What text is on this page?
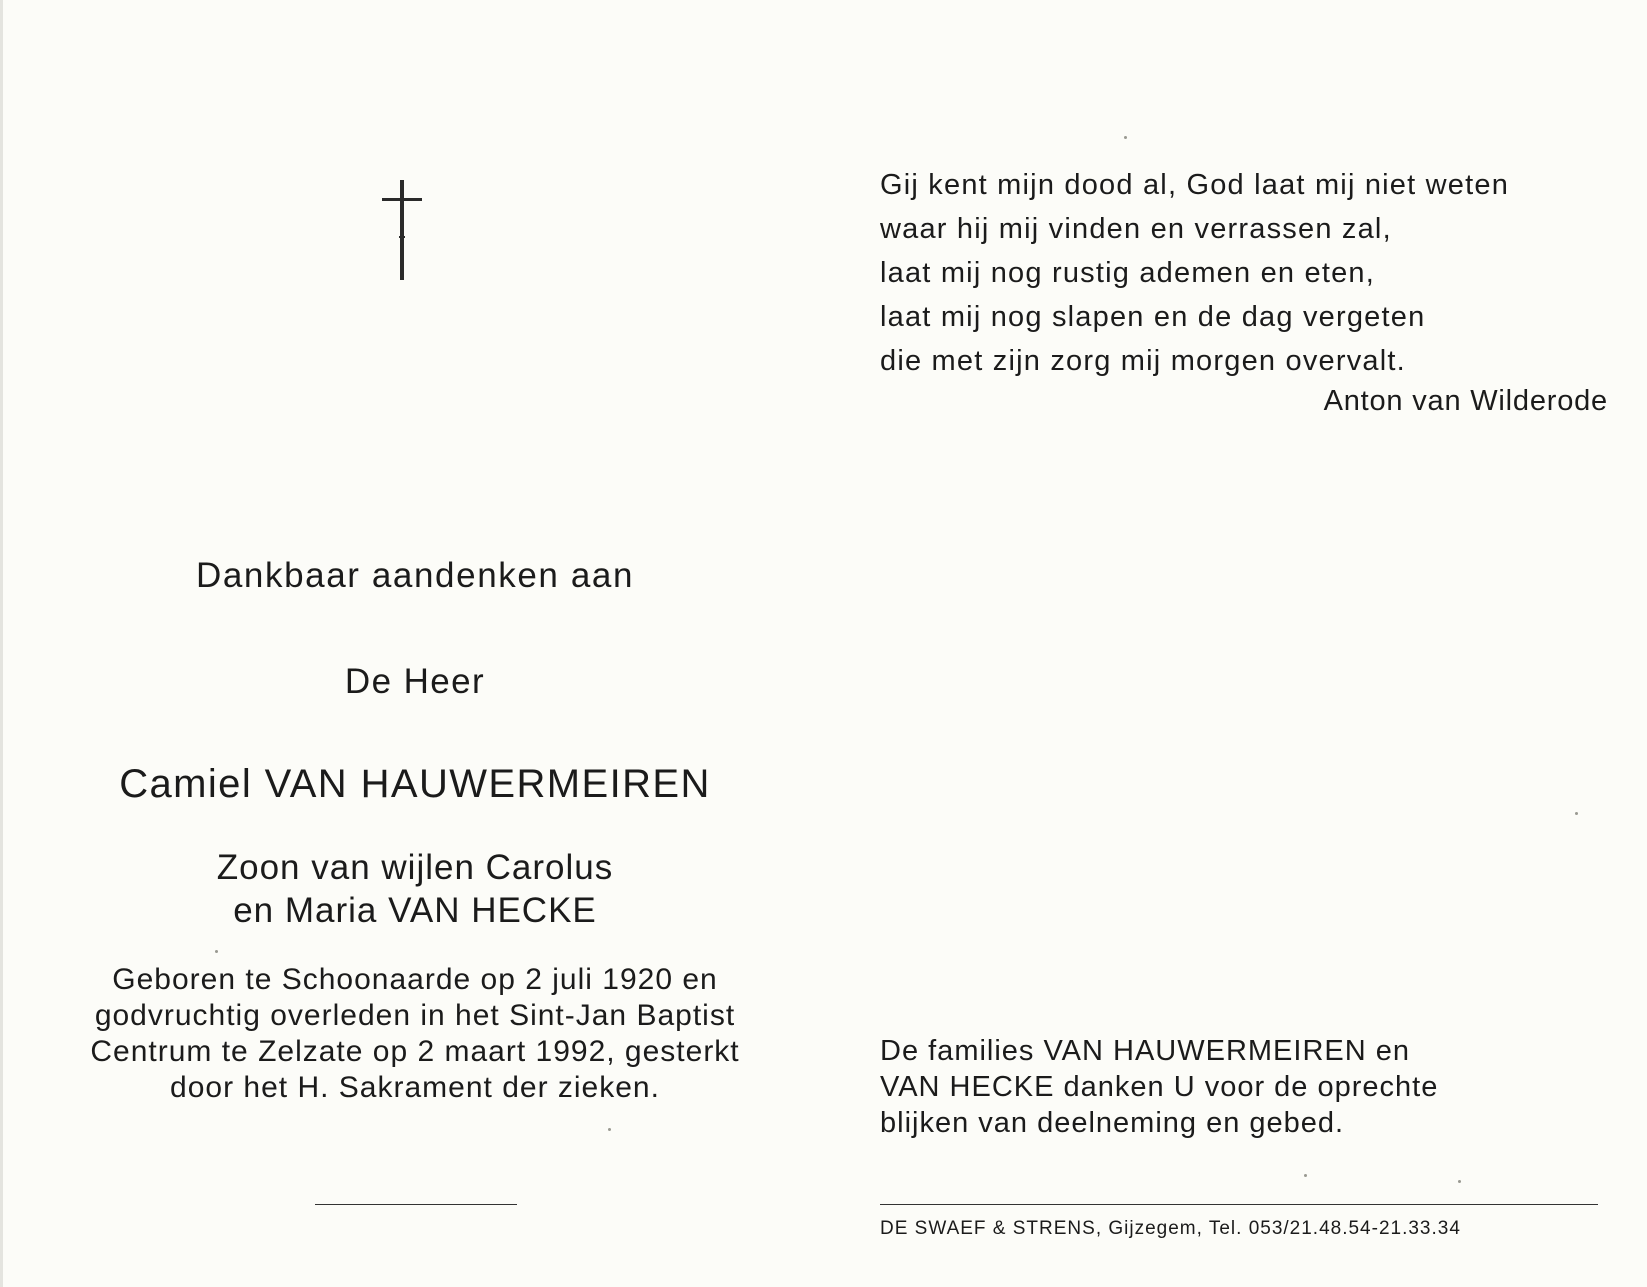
Dankbaar aandenken aan
De Heer
Camiel VAN HAUWERMEIREN
Zoon van wijlen Carolus
en Maria VAN HECKE
Geboren te Schoonaarde op 2 juli 1920 en
godvruchtig overleden in het Sint-Jan Baptist
Centrum te Zelzate op 2 maart 1992, gesterkt
door het H. Sakrament der zieken.
Gij kent mijn dood al, God laat mij niet weten
waar hij mij vinden en verrassen zal,
laat mij nog rustig ademen en eten,
laat mij nog slapen en de dag vergeten
die met zijn zorg mij morgen overvalt.
Anton van Wilderode
De families VAN HAUWERMEIREN en
VAN HECKE danken U voor de oprechte
blijken van deelneming en gebed.
DE SWAEF & STRENS, Gijzegem, Tel. 053/21.48.54-21.33.34
